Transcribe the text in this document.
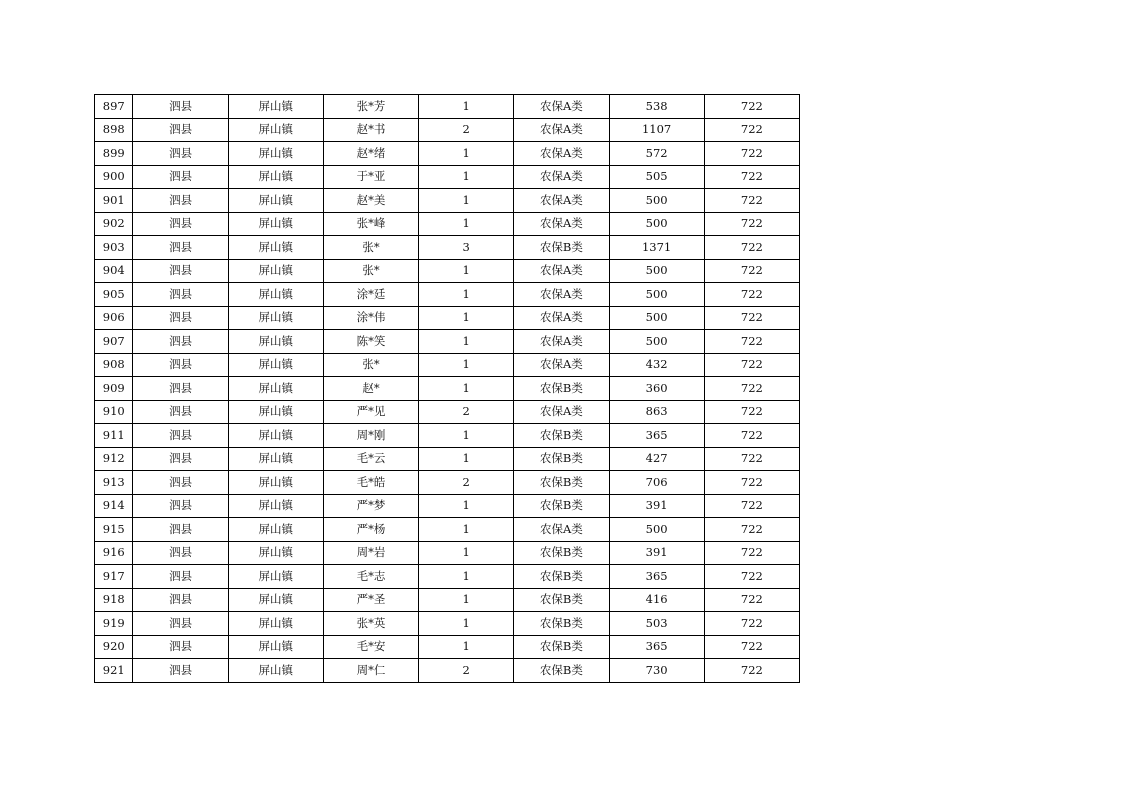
897	泗县	屏山镇	张*芳	1	农保A类	538	722
898	泗县	屏山镇	赵*书	2	农保A类	1107	722
899	泗县	屏山镇	赵*绪	1	农保A类	572	722
900	泗县	屏山镇	于*亚	1	农保A类	505	722
901	泗县	屏山镇	赵*美	1	农保A类	500	722
902	泗县	屏山镇	张*峰	1	农保A类	500	722
903	泗县	屏山镇	张*	3	农保B类	1371	722
904	泗县	屏山镇	张*	1	农保A类	500	722
905	泗县	屏山镇	涂*廷	1	农保A类	500	722
906	泗县	屏山镇	涂*伟	1	农保A类	500	722
907	泗县	屏山镇	陈*笑	1	农保A类	500	722
908	泗县	屏山镇	张*	1	农保A类	432	722
909	泗县	屏山镇	赵*	1	农保B类	360	722
910	泗县	屏山镇	严*见	2	农保A类	863	722
911	泗县	屏山镇	周*刚	1	农保B类	365	722
912	泗县	屏山镇	毛*云	1	农保B类	427	722
913	泗县	屏山镇	毛*皓	2	农保B类	706	722
914	泗县	屏山镇	严*梦	1	农保B类	391	722
915	泗县	屏山镇	严*杨	1	农保A类	500	722
916	泗县	屏山镇	周*岩	1	农保B类	391	722
917	泗县	屏山镇	毛*志	1	农保B类	365	722
918	泗县	屏山镇	严*圣	1	农保B类	416	722
919	泗县	屏山镇	张*英	1	农保B类	503	722
920	泗县	屏山镇	毛*安	1	农保B类	365	722
921	泗县	屏山镇	周*仁	2	农保B类	730	722
